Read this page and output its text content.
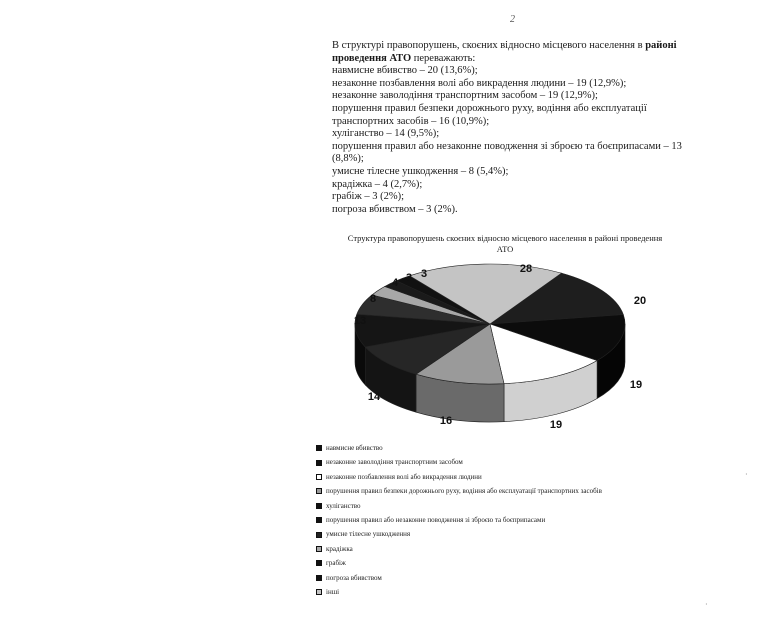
2

В структурі правопорушень, скоєних відносно місцевого населення в районі проведення АТО переважають:

навмисне вбивство – 20 (13,6%);

незаконне позбавлення волі або викрадення людини – 19 (12,9%);

незаконне заволодіння транспортним засобом – 19 (12,9%);

порушення правил безпеки дорожнього руху, водіння або експлуатації транспортних засобів – 16 (10,9%);

хуліганство – 14 (9,5%);

порушення правил або незаконне поводження зі зброєю та боєприпасами – 13 (8,8%);

умисне тілесне ушкодження – 8 (5,4%);

крадіжка – 4 (2,7%);

грабіж – 3 (2%);

погроза вбивством – 3 (2%).

Структура правопорушень скоєних відносно місцевого населення в районі проведення АТО
20
19
19
16
14
13
8
4 3 3	28
навмисне вбивство
незаконне заволодіння транспортним засобом
незаконне позбавлення волі або викрадення людини
порушення правил безпеки дорожнього руху, водіння або експлуатації транспортних засобів
хуліганство
порушення правил або незаконне поводження зі зброєю та боєприпасами
умисне тілесне ушкодження
крадіжка
грабіж
погроза вбивством
інші
·
·
